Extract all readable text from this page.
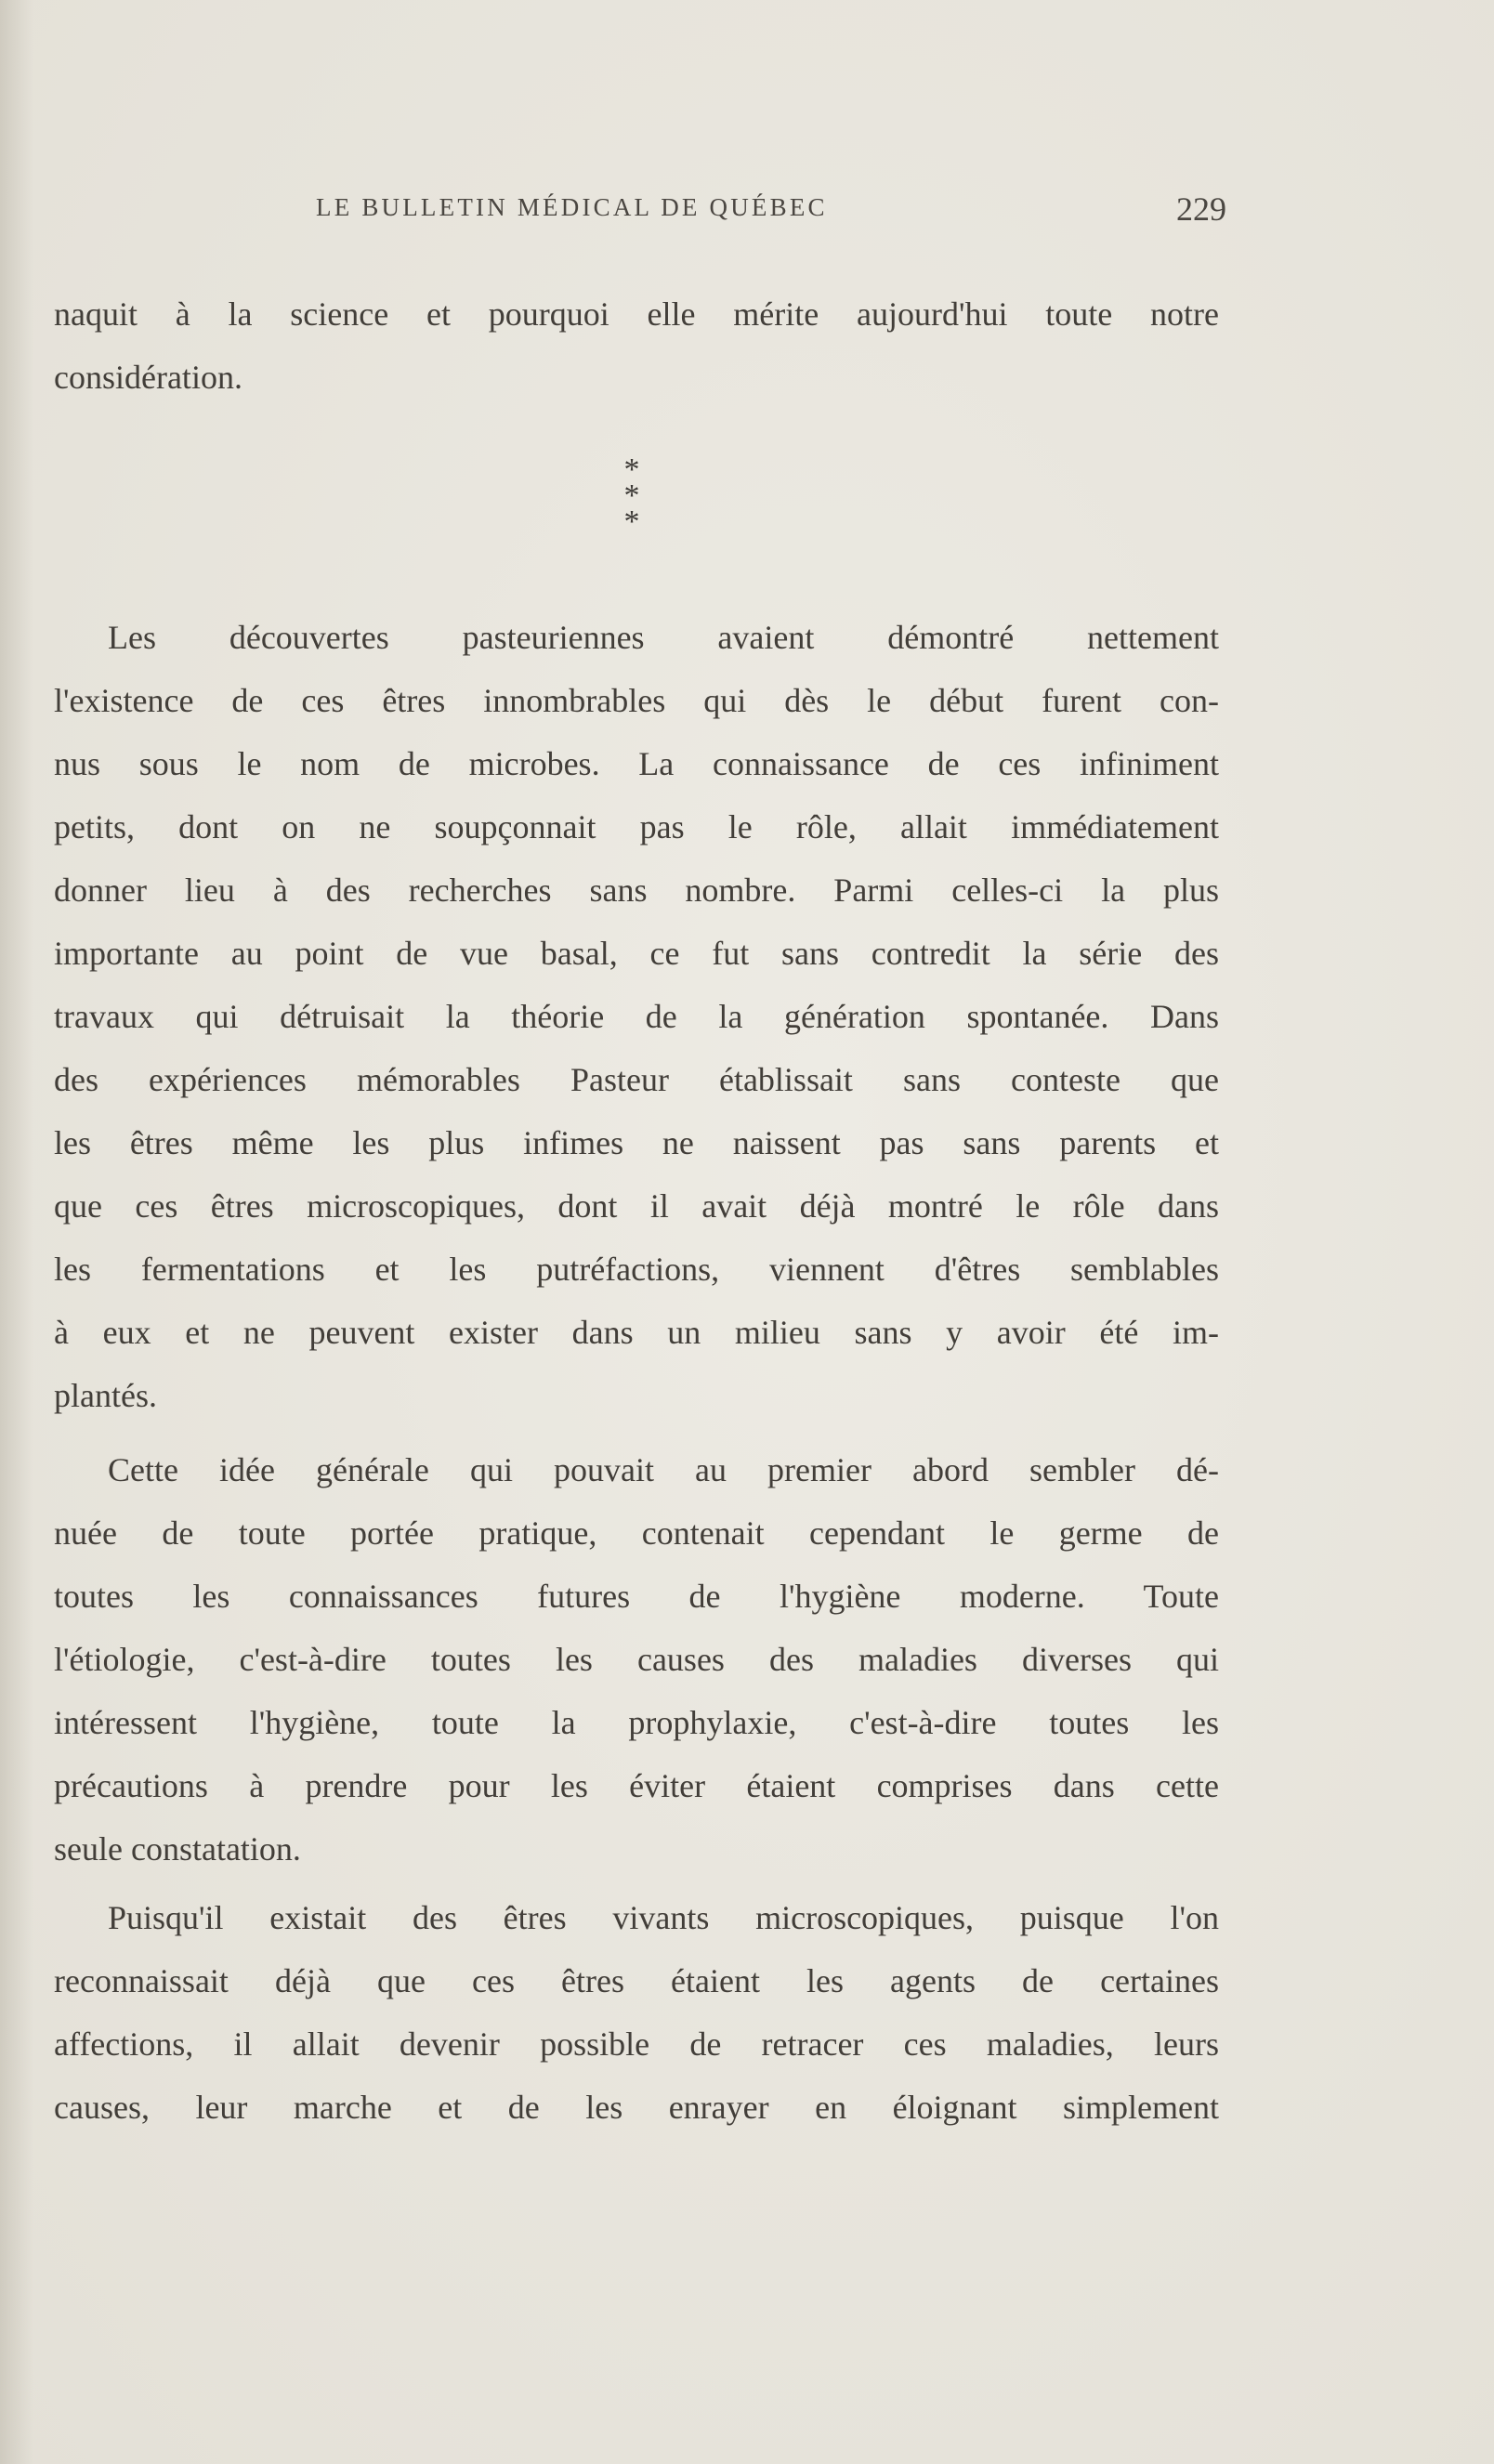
LE BULLETIN MÉDICAL DE QUÉBEC	229
naquit à la science et pourquoi elle mérite aujourd'hui toute notre
considération.
*
* *
Les découvertes pasteuriennes avaient démontré nettement
l'existence de ces êtres innombrables qui dès le début furent con-
nus sous le nom de microbes. La connaissance de ces infiniment
petits, dont on ne soupçonnait pas le rôle, allait immédiatement
donner lieu à des recherches sans nombre. Parmi celles-ci la plus
importante au point de vue basal, ce fut sans contredit la série des
travaux qui détruisait la théorie de la génération spontanée. Dans
des expériences mémorables Pasteur établissait sans conteste que
les êtres même les plus infimes ne naissent pas sans parents et
que ces êtres microscopiques, dont il avait déjà montré le rôle dans
les fermentations et les putréfactions, viennent d'êtres semblables
à eux et ne peuvent exister dans un milieu sans y avoir été im-
plantés.
Cette idée générale qui pouvait au premier abord sembler dé-
nuée de toute portée pratique, contenait cependant le germe de
toutes les connaissances futures de l'hygiène moderne. Toute
l'étiologie, c'est-à-dire toutes les causes des maladies diverses qui
intéressent l'hygiène, toute la prophylaxie, c'est-à-dire toutes les
précautions à prendre pour les éviter étaient comprises dans cette
seule constatation.
Puisqu'il existait des êtres vivants microscopiques, puisque l'on
reconnaissait déjà que ces êtres étaient les agents de certaines
affections, il allait devenir possible de retracer ces maladies, leurs
causes, leur marche et de les enrayer en éloignant simplement
